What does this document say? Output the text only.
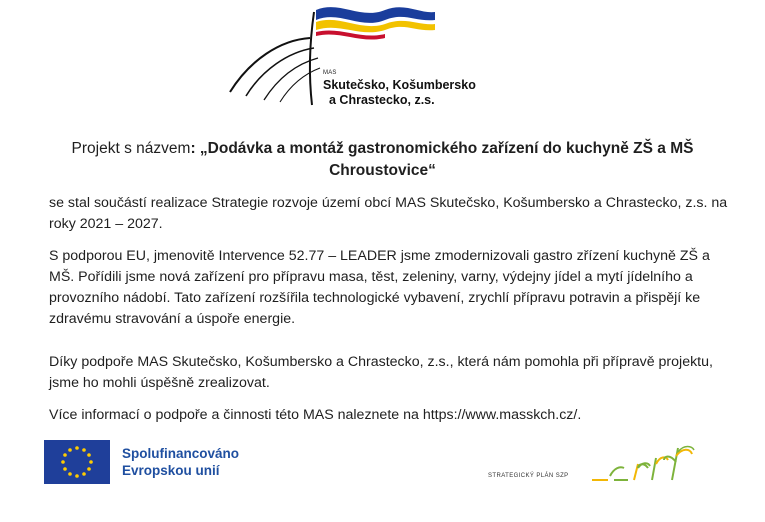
MAS
Skutečsko, Košumbersko
a Chrastecko, z.s.
Projekt s názvem: „Dodávka a montáž gastronomického zařízení do kuchyně ZŠ a MŠ Chroustovice“

se stal součástí realizace Strategie rozvoje území obcí MAS Skutečsko, Košumbersko a Chrastecko, z.s. na roky 2021 – 2027.

S podporou EU, jmenovitě Intervence 52.77 – LEADER jsme zmodernizovali gastro zřízení kuchyně ZŠ a MŠ. Pořídili jsme nová zařízení pro přípravu masa, těst, zeleniny, varny, výdejny jídel a mytí jídelního a provozního nádobí. Tato zařízení rozšířila technologické vybavení, zrychlí přípravu potravin a přispějí ke zdravému stravování a úspoře energie.

Díky podpoře MAS Skutečsko, Košumbersko a Chrastecko, z.s., která nám pomohla při přípravě projektu, jsme ho mohli úspěšně zrealizovat.

Více informací o podpoře a činnosti této MAS naleznete na https://www.masskch.cz/.

Spolufinancováno
Evropskou unií	STRATEGICKÝ PLÁN SZP
